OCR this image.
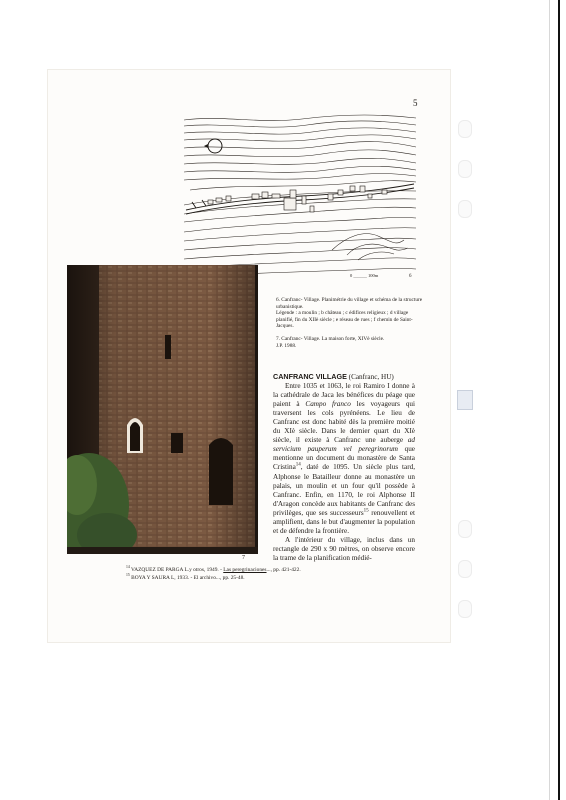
5
0 ______ 100m	6
7

6. Canfranc- Village. Planimétrie du village et schéma de la structure urbanistique.

Légende : a moulin ; b château ; c édifices religieux ; d village planifié, fin du XIIè siècle ; e réseau de rues ; f chemin de Saint-Jacques.

7. Canfranc- Village. La maison forte, XIVè siècle.

J.P. 1988.

CANFRANC VILLAGE (Canfranc, HU)

Entre 1035 et 1063, le roi Ramiro I donne à la cathédrale de Jaca les bénéfices du péage que paient à Campo franco les voyageurs qui traversent les cols pyrénéens. Le lieu de Canfranc est donc habité dès la première moitié du XIè siècle. Dans le dernier quart du XIè siècle, il existe à Canfranc une auberge ad servicium pauperum vel peregrinorum que mentionne un document du monastère de Santa Cristina$^{14}$, daté de 1095. Un siècle plus tard, Alphonse le Batailleur donne au monastère un palais, un moulin et un four qu'il possède à Canfranc. Enfin, en 1170, le roi Alphonse II d'Aragon concède aux habitants de Canfranc des privilèges, que ses successeurs$^{15}$ renouvellent et amplifient, dans le but d'augmenter la population et de défendre la frontière.

A l'intérieur du village, inclus dans un rectangle de 290 x 90 mètres, on observe encore la trame de la planification médié-

$^{14}$ VAZQUEZ DE PARGA L.y otros, 1949. - Las peregrinaciones..., pp. 421-422.

$^{15}$ BOYA Y SAURA L, 1933. - El archivo..., pp. 25-48.
